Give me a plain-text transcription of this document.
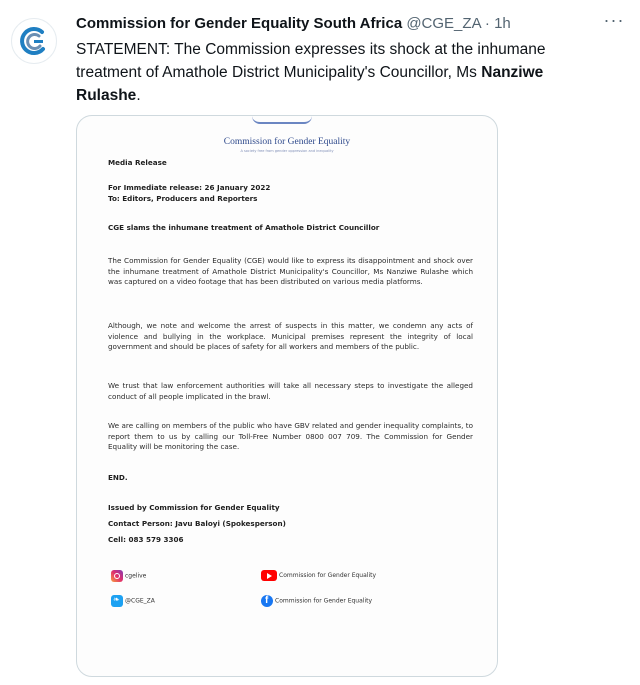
Commission for Gender Equality South Africa @CGE_ZA · 1h	···
STATEMENT: The Commission expresses its shock at the inhumane treatment of Amathole District Municipality's Councillor, Ms Nanziwe Rulashe.
Commission for Gender Equality
A society free from gender oppression and inequality
Media Release
For Immediate release: 26 January 2022
To: Editors, Producers and Reporters
CGE slams the inhumane treatment of Amathole District Councillor
The Commission for Gender Equality (CGE) would like to express its disappointment and shock over the inhumane treatment of Amathole District Municipality's Councillor, Ms Nanziwe Rulashe which was captured on a video footage that has been distributed on various media platforms.
Although, we note and welcome the arrest of suspects in this matter, we condemn any acts of violence and bullying in the workplace. Municipal premises represent the integrity of local government and should be places of safety for all workers and members of the public.
We trust that law enforcement authorities will take all necessary steps to investigate the alleged conduct of all people implicated in the brawl.
We are calling on members of the public who have GBV related and gender inequality complaints, to report them to us by calling our Toll-Free Number 0800 007 709. The Commission for Gender Equality will be monitoring the case.
END.
Issued by Commission for Gender Equality
Contact Person: Javu Baloyi (Spokesperson)
Cell: 083 579 3306
cgelive	Commission for Gender Equality
❧@CGE_ZA
f	Commission for Gender Equality
